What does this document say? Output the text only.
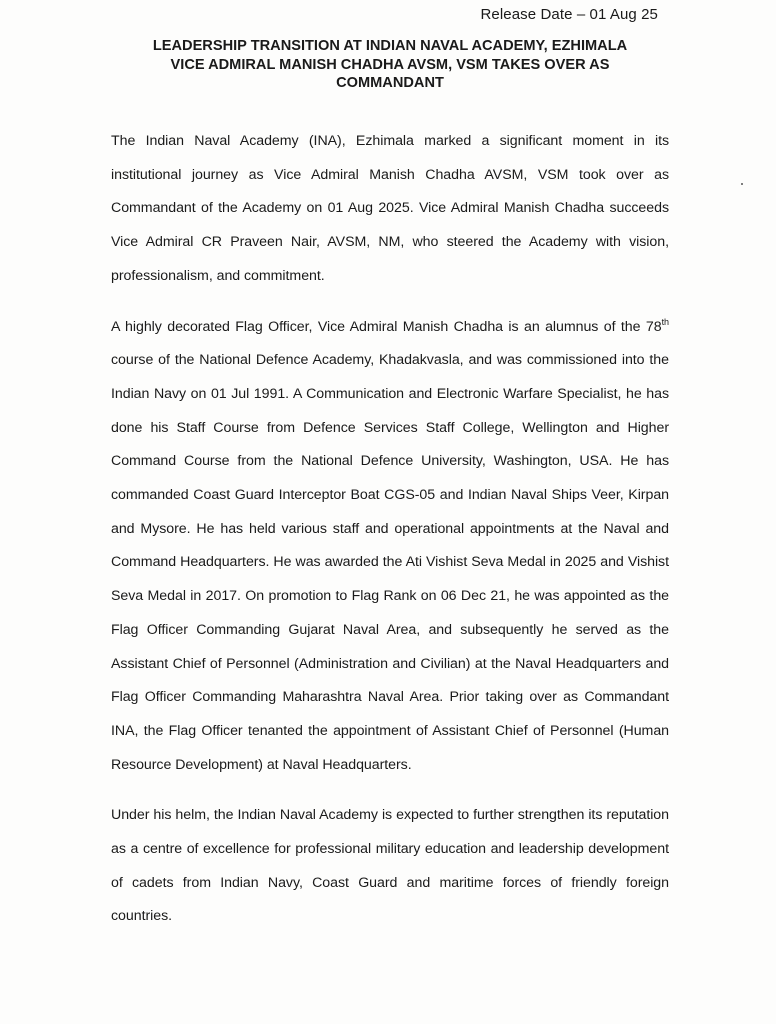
Release Date – 01 Aug 25
LEADERSHIP TRANSITION AT INDIAN NAVAL ACADEMY, EZHIMALA
VICE ADMIRAL MANISH CHADHA AVSM, VSM TAKES OVER AS
COMMANDANT

The Indian Naval Academy (INA), Ezhimala marked a significant moment in its institutional journey as Vice Admiral Manish Chadha AVSM, VSM took over as Commandant of the Academy on 01 Aug 2025. Vice Admiral Manish Chadha succeeds Vice Admiral CR Praveen Nair, AVSM, NM, who steered the Academy with vision, professionalism, and commitment.

A highly decorated Flag Officer, Vice Admiral Manish Chadha is an alumnus of the 78th course of the National Defence Academy, Khadakvasla, and was commissioned into the Indian Navy on 01 Jul 1991. A Communication and Electronic Warfare Specialist, he has done his Staff Course from Defence Services Staff College, Wellington and Higher Command Course from the National Defence University, Washington, USA. He has commanded Coast Guard Interceptor Boat CGS-05 and Indian Naval Ships Veer, Kirpan and Mysore. He has held various staff and operational appointments at the Naval and Command Headquarters. He was awarded the Ati Vishist Seva Medal in 2025 and Vishist Seva Medal in 2017. On promotion to Flag Rank on 06 Dec 21, he was appointed as the Flag Officer Commanding Gujarat Naval Area, and subsequently he served as the Assistant Chief of Personnel (Administration and Civilian) at the Naval Headquarters and Flag Officer Commanding Maharashtra Naval Area. Prior taking over as Commandant INA, the Flag Officer tenanted the appointment of Assistant Chief of Personnel (Human Resource Development) at Naval Headquarters.

Under his helm, the Indian Naval Academy is expected to further strengthen its reputation as a centre of excellence for professional military education and leadership development of cadets from Indian Navy, Coast Guard and maritime forces of friendly foreign countries.
